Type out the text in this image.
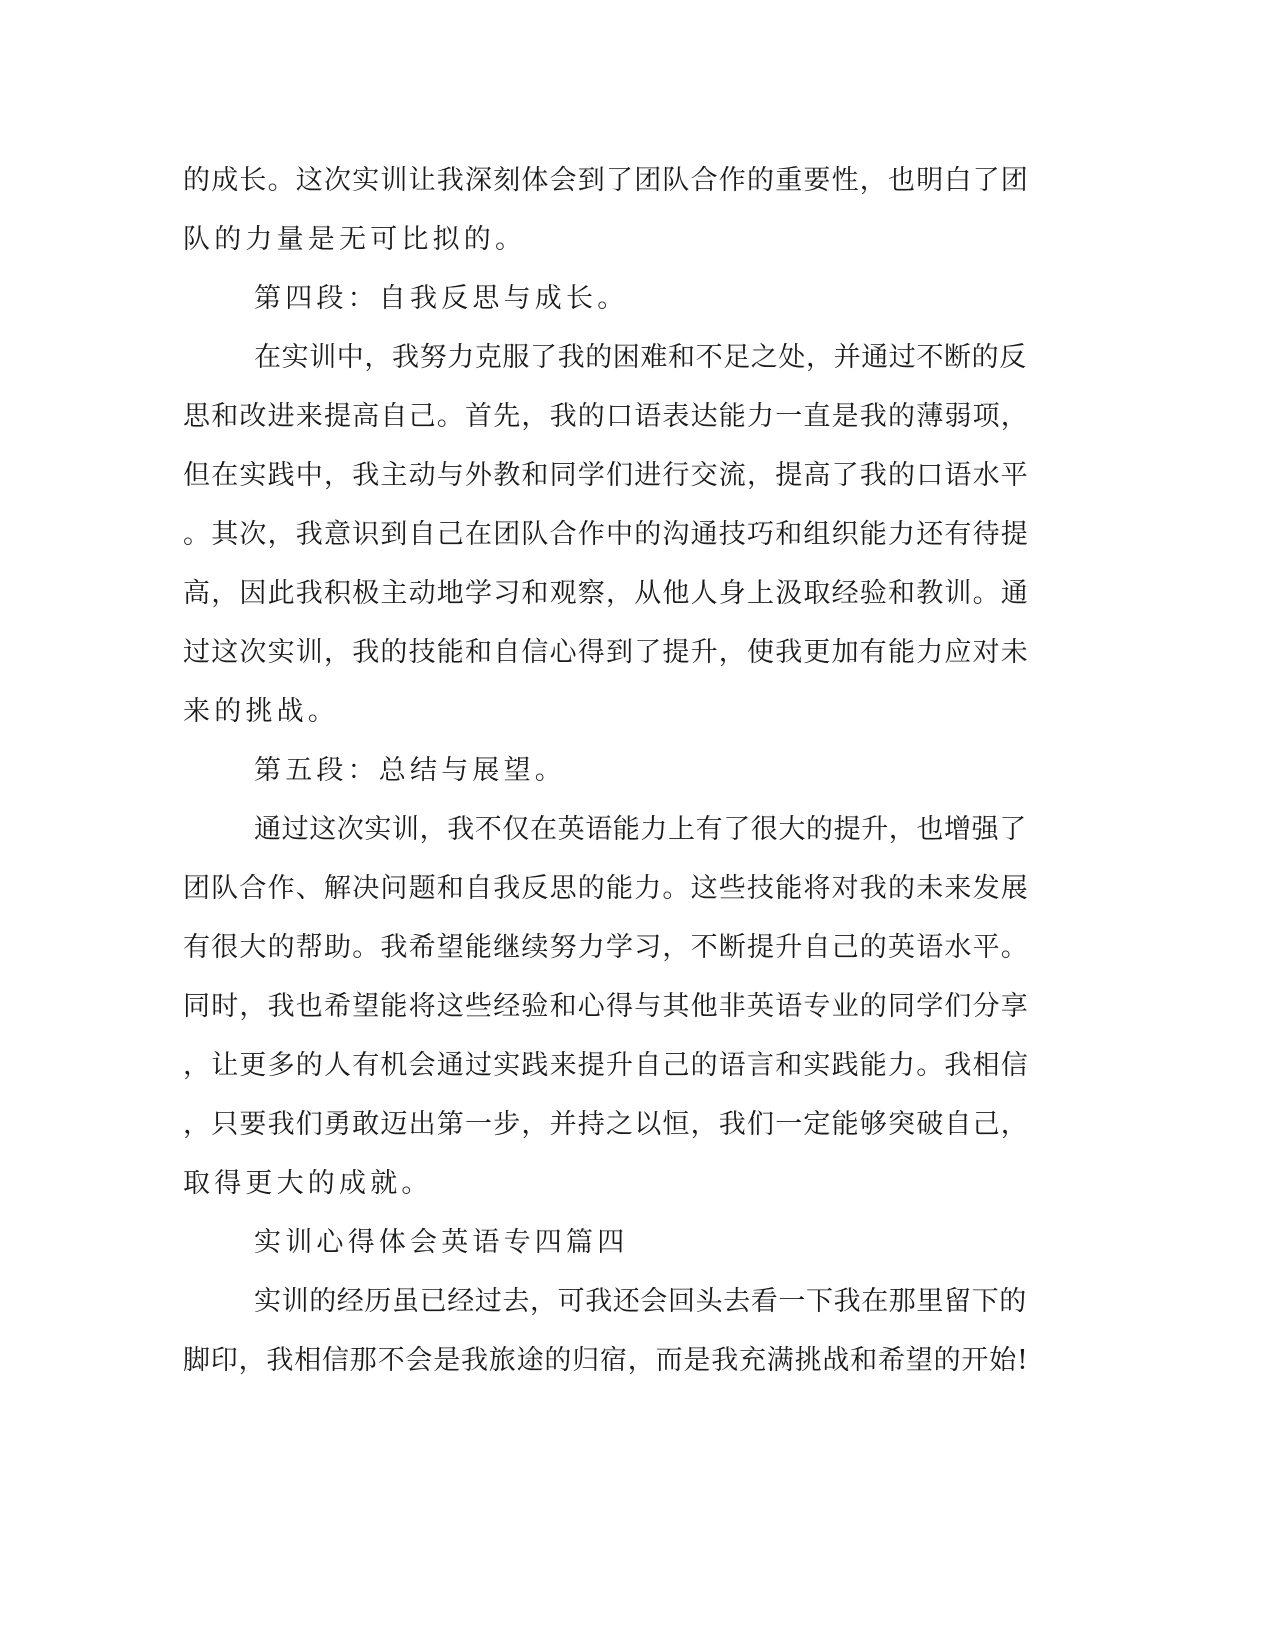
的成长。这次实训让我深刻体会到了团队合作的重要性，也明白了团
队的力量是无可比拟的。
第四段：自我反思与成长。
在实训中，我努力克服了我的困难和不足之处，并通过不断的反
思和改进来提高自己。首先，我的口语表达能力一直是我的薄弱项，
但在实践中，我主动与外教和同学们进行交流，提高了我的口语水平
。其次，我意识到自己在团队合作中的沟通技巧和组织能力还有待提
高，因此我积极主动地学习和观察，从他人身上汲取经验和教训。通
过这次实训，我的技能和自信心得到了提升，使我更加有能力应对未
来的挑战。
第五段：总结与展望。
通过这次实训，我不仅在英语能力上有了很大的提升，也增强了
团队合作、解决问题和自我反思的能力。这些技能将对我的未来发展
有很大的帮助。我希望能继续努力学习，不断提升自己的英语水平。
同时，我也希望能将这些经验和心得与其他非英语专业的同学们分享
，让更多的人有机会通过实践来提升自己的语言和实践能力。我相信
，只要我们勇敢迈出第一步，并持之以恒，我们一定能够突破自己，
取得更大的成就。
实训心得体会英语专四篇四
实训的经历虽已经过去，可我还会回头去看一下我在那里留下的
脚印，我相信那不会是我旅途的归宿，而是我充满挑战和希望的开始!
